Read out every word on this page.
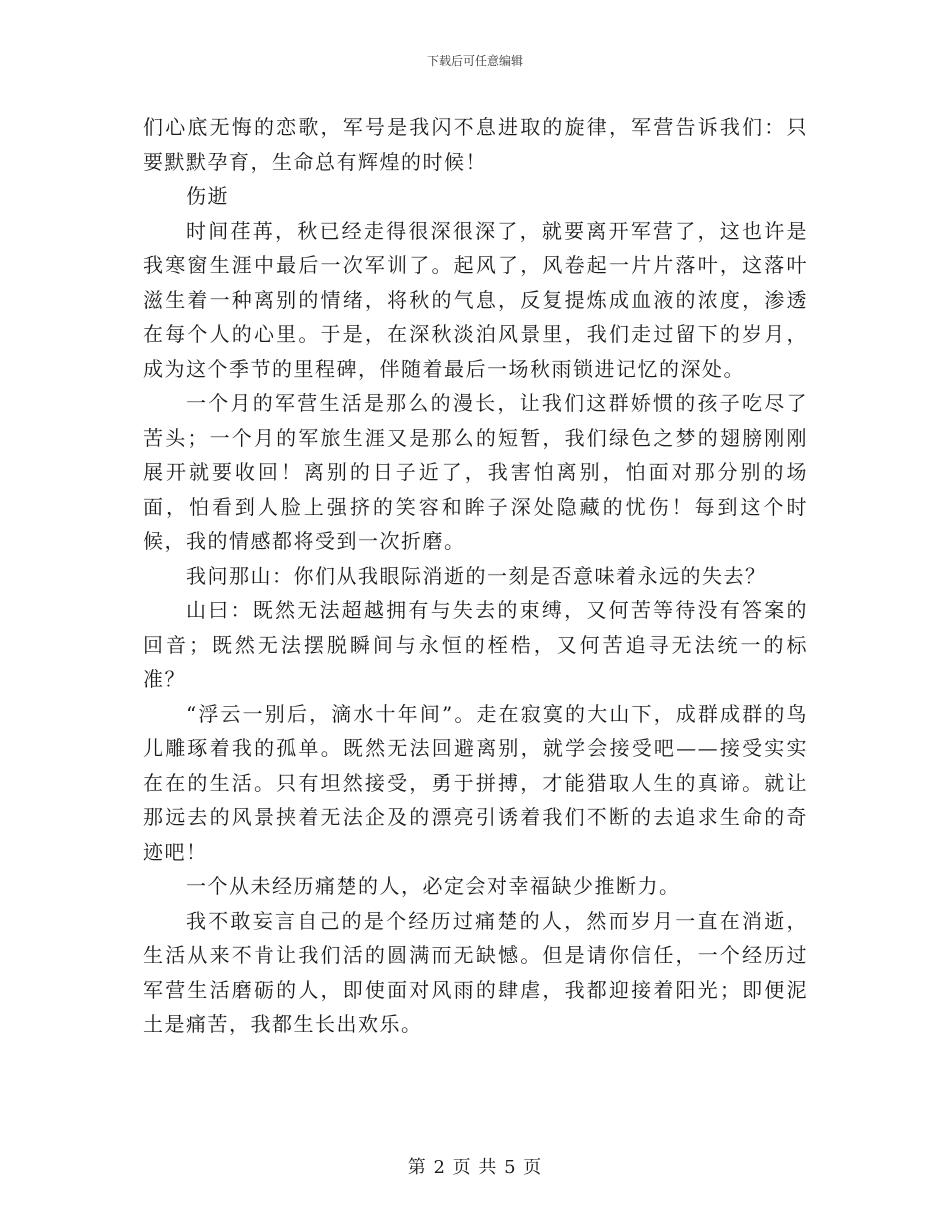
下载后可任意编辑

们心底无悔的恋歌，军号是我闪不息进取的旋律，军营告诉我们：只要默默孕育，生命总有辉煌的时候！

伤逝

时间荏苒，秋已经走得很深很深了，就要离开军营了，这也许是我寒窗生涯中最后一次军训了。起风了，风卷起一片片落叶，这落叶滋生着一种离别的情绪，将秋的气息，反复提炼成血液的浓度，渗透在每个人的心里。于是，在深秋淡泊风景里，我们走过留下的岁月，成为这个季节的里程碑，伴随着最后一场秋雨锁进记忆的深处。

一个月的军营生活是那么的漫长，让我们这群娇惯的孩子吃尽了苦头；一个月的军旅生涯又是那么的短暂，我们绿色之梦的翅膀刚刚展开就要收回！离别的日子近了，我害怕离别，怕面对那分别的场面，怕看到人脸上强挤的笑容和眸子深处隐藏的忧伤！每到这个时候，我的情感都将受到一次折磨。

我问那山：你们从我眼际消逝的一刻是否意味着永远的失去？

山曰：既然无法超越拥有与失去的束缚，又何苦等待没有答案的回音；既然无法摆脱瞬间与永恒的桎梏，又何苦追寻无法统一的标准？

“浮云一别后，滴水十年间”。走在寂寞的大山下，成群成群的鸟儿雕琢着我的孤单。既然无法回避离别，就学会接受吧——接受实实在在的生活。只有坦然接受，勇于拼搏，才能猎取人生的真谛。就让那远去的风景挟着无法企及的漂亮引诱着我们不断的去追求生命的奇迹吧！

一个从未经历痛楚的人，必定会对幸福缺少推断力。

我不敢妄言自己的是个经历过痛楚的人，然而岁月一直在消逝，生活从来不肯让我们活的圆满而无缺憾。但是请你信任，一个经历过军营生活磨砺的人，即使面对风雨的肆虐，我都迎接着阳光；即便泥土是痛苦，我都生长出欢乐。

第 2 页 共 5 页
